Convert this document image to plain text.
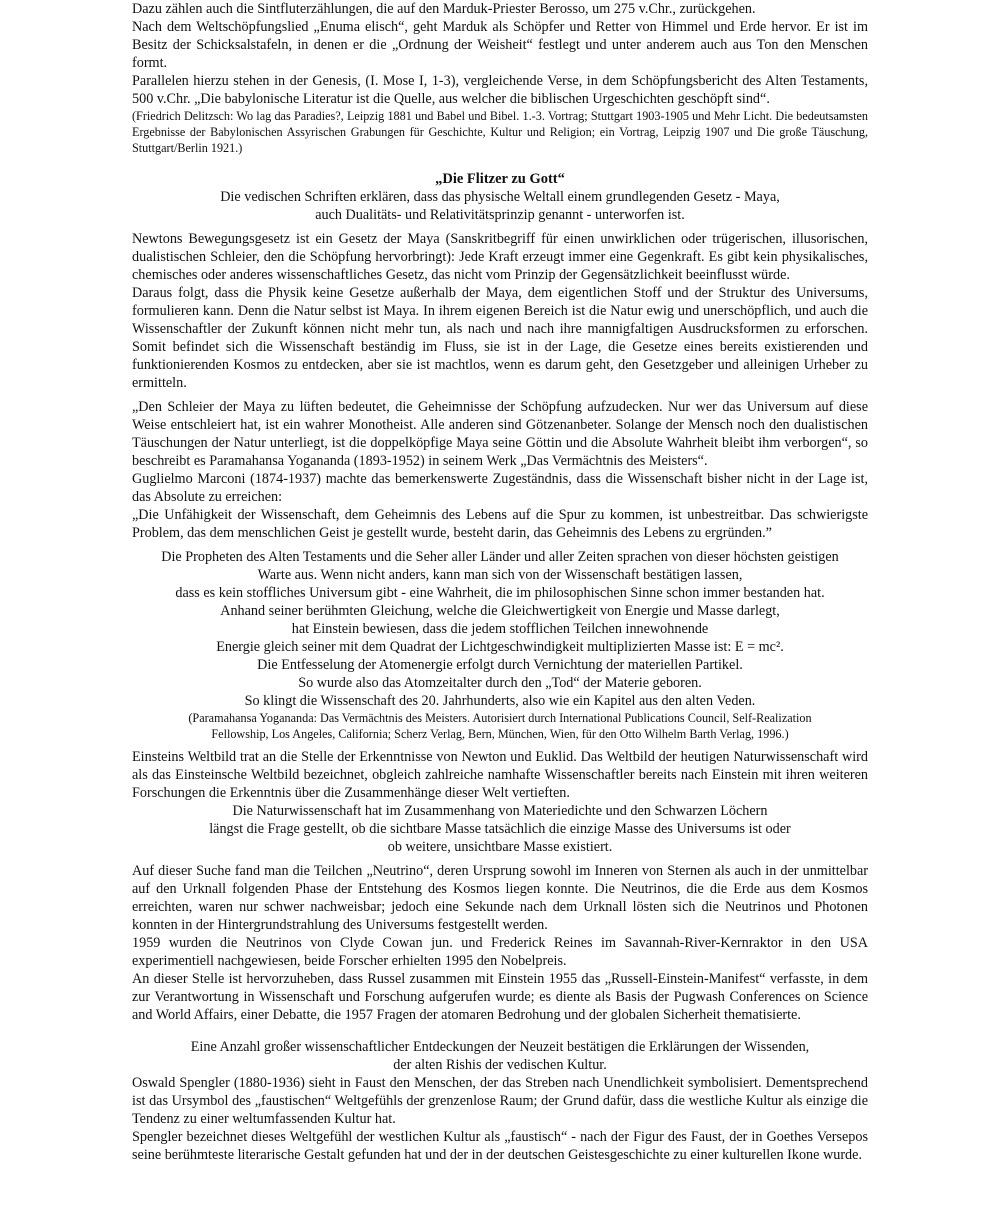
Dazu zählen auch die Sintfluterzählungen, die auf den Marduk-Priester Berosso, um 275 v.Chr., zurückgehen.

Nach dem Weltschöpfungslied „Enuma elisch“, geht Marduk als Schöpfer und Retter von Himmel und Erde hervor. Er ist im Besitz der Schicksalstafeln, in denen er die „Ordnung der Weisheit“ festlegt und unter anderem auch aus Ton den Menschen formt.

Parallelen hierzu stehen in der Genesis, (I. Mose I, 1-3), vergleichende Verse, in dem Schöpfungsbericht des Alten Testaments, 500 v.Chr. „Die babylonische Literatur ist die Quelle, aus welcher die biblischen Urgeschichten geschöpft sind“.

(Friedrich Delitzsch: Wo lag das Paradies?, Leipzig 1881 und Babel und Bibel. 1.-3. Vortrag; Stuttgart 1903-1905 und Mehr Licht. Die bedeutsamsten Ergebnisse der Babylonischen Assyrischen Grabungen für Geschichte, Kultur und Religion; ein Vortrag, Leipzig 1907 und Die große Täuschung, Stuttgart/Berlin 1921.)

„Die Flitzer zu Gott“
Die vedischen Schriften erklären, dass das physische Weltall einem grundlegenden Gesetz - Maya,
auch Dualitäts- und Relativitätsprinzip genannt - unterworfen ist.

Newtons Bewegungsgesetz ist ein Gesetz der Maya (Sanskritbegriff für einen unwirklichen oder trügerischen, illusorischen, dualistischen Schleier, den die Schöpfung hervorbringt): Jede Kraft erzeugt immer eine Gegenkraft. Es gibt kein physikalisches, chemisches oder anderes wissenschaftliches Gesetz, das nicht vom Prinzip der Gegensätzlichkeit beeinflusst würde.

Daraus folgt, dass die Physik keine Gesetze außerhalb der Maya, dem eigentlichen Stoff und der Struktur des Universums, formulieren kann. Denn die Natur selbst ist Maya. In ihrem eigenen Bereich ist die Natur ewig und unerschöpflich, und auch die Wissenschaftler der Zukunft können nicht mehr tun, als nach und nach ihre mannigfaltigen Ausdrucksformen zu erforschen. Somit befindet sich die Wissenschaft beständig im Fluss, sie ist in der Lage, die Gesetze eines bereits existierenden und funktionierenden Kosmos zu entdecken, aber sie ist machtlos, wenn es darum geht, den Gesetzgeber und alleinigen Urheber zu ermitteln.

„Den Schleier der Maya zu lüften bedeutet, die Geheimnisse der Schöpfung aufzudecken. Nur wer das Universum auf diese Weise entschleiert hat, ist ein wahrer Monotheist. Alle anderen sind Götzenanbeter. Solange der Mensch noch den dualistischen Täuschungen der Natur unterliegt, ist die doppelköpfige Maya seine Göttin und die Absolute Wahrheit bleibt ihm verborgen“, so beschreibt es Paramahansa Yogananda (1893-1952) in seinem Werk „Das Vermächtnis des Meisters“.

Guglielmo Marconi (1874-1937) machte das bemerkenswerte Zugeständnis, dass die Wissenschaft bisher nicht in der Lage ist, das Absolute zu erreichen:

„Die Unfähigkeit der Wissenschaft, dem Geheimnis des Lebens auf die Spur zu kommen, ist unbestreitbar. Das schwierigste Problem, das dem menschlichen Geist je gestellt wurde, besteht darin, das Geheimnis des Lebens zu ergründen.”

Die Propheten des Alten Testaments und die Seher aller Länder und aller Zeiten sprachen von dieser höchsten geistigen
Warte aus. Wenn nicht anders, kann man sich von der Wissenschaft bestätigen lassen,
dass es kein stoffliches Universum gibt - eine Wahrheit, die im philosophischen Sinne schon immer bestanden hat.
Anhand seiner berühmten Gleichung, welche die Gleichwertigkeit von Energie und Masse darlegt,
hat Einstein bewiesen, dass die jedem stofflichen Teilchen innewohnende
Energie gleich seiner mit dem Quadrat der Lichtgeschwindigkeit multiplizierten Masse ist: E = mc².
Die Entfesselung der Atomenergie erfolgt durch Vernichtung der materiellen Partikel.
So wurde also das Atomzeitalter durch den „Tod“ der Materie geboren.
So klingt die Wissenschaft des 20. Jahrhunderts, also wie ein Kapitel aus den alten Veden.
(Paramahansa Yogananda: Das Vermächtnis des Meisters. Autorisiert durch International Publications Council, Self-Realization
Fellowship, Los Angeles, California; Scherz Verlag, Bern, München, Wien, für den Otto Wilhelm Barth Verlag, 1996.)

Einsteins Weltbild trat an die Stelle der Erkenntnisse von Newton und Euklid. Das Weltbild der heutigen Naturwissenschaft wird als das Einsteinsche Weltbild bezeichnet, obgleich zahlreiche namhafte Wissenschaftler bereits nach Einstein mit ihren weiteren Forschungen die Erkenntnis über die Zusammenhänge dieser Welt vertieften.

Die Naturwissenschaft hat im Zusammenhang von Materiedichte und den Schwarzen Löchern
längst die Frage gestellt, ob die sichtbare Masse tatsächlich die einzige Masse des Universums ist oder
ob weitere, unsichtbare Masse existiert.

Auf dieser Suche fand man die Teilchen „Neutrino“, deren Ursprung sowohl im Inneren von Sternen als auch in der unmittelbar auf den Urknall folgenden Phase der Entstehung des Kosmos liegen konnte. Die Neutrinos, die die Erde aus dem Kosmos erreichten, waren nur schwer nachweisbar; jedoch eine Sekunde nach dem Urknall lösten sich die Neutrinos und Photonen konnten in der Hintergrundstrahlung des Universums festgestellt werden.

1959 wurden die Neutrinos von Clyde Cowan jun. und Frederick Reines im Savannah-River-Kernraktor in den USA experimentiell nachgewiesen, beide Forscher erhielten 1995 den Nobelpreis.

An dieser Stelle ist hervorzuheben, dass Russel zusammen mit Einstein 1955 das „Russell-Einstein-Manifest“ verfasste, in dem zur Verantwortung in Wissenschaft und Forschung aufgerufen wurde; es diente als Basis der Pugwash Conferences on Science and World Affairs, einer Debatte, die 1957 Fragen der atomaren Bedrohung und der globalen Sicherheit thematisierte.

Eine Anzahl großer wissenschaftlicher Entdeckungen der Neuzeit bestätigen die Erklärungen der Wissenden,
der alten Rishis der vedischen Kultur.

Oswald Spengler (1880-1936) sieht in Faust den Menschen, der das Streben nach Unendlichkeit symbolisiert. Dementsprechend ist das Ursymbol des „faustischen“ Weltgefühls der grenzenlose Raum; der Grund dafür, dass die westliche Kultur als einzige die Tendenz zu einer weltumfassenden Kultur hat.

Spengler bezeichnet dieses Weltgefühl der westlichen Kultur als „faustisch“ - nach der Figur des Faust, der in Goethes Versepos seine berühmteste literarische Gestalt gefunden hat und der in der deutschen Geistesgeschichte zu einer kulturellen Ikone wurde.
